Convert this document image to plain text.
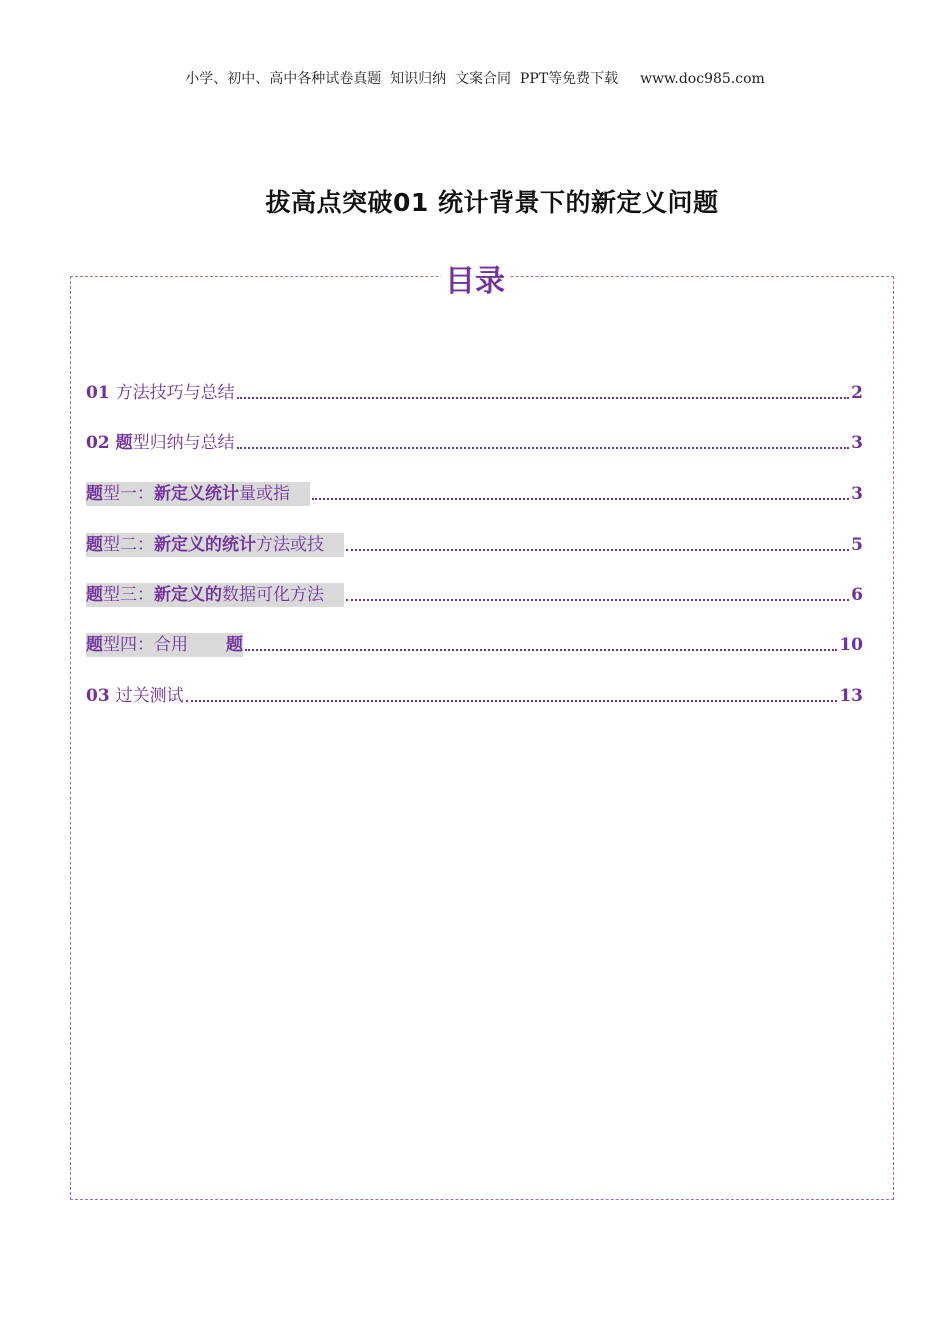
小学、初中、高中各种试卷真题  知识归纳  文案合同  PPT等免费下载 www.doc985.com
拔高点突破01 统计背景下的新定义问题
目录
01 方法技巧与总结	2
02 题型归纳与总结	3
题型一：新定义统计量或指	3
题型二：新定义的统计方法或技	5
题型三：新定义的数据可化方法	6
题型四：合用 题	10
03 过关测试	13
